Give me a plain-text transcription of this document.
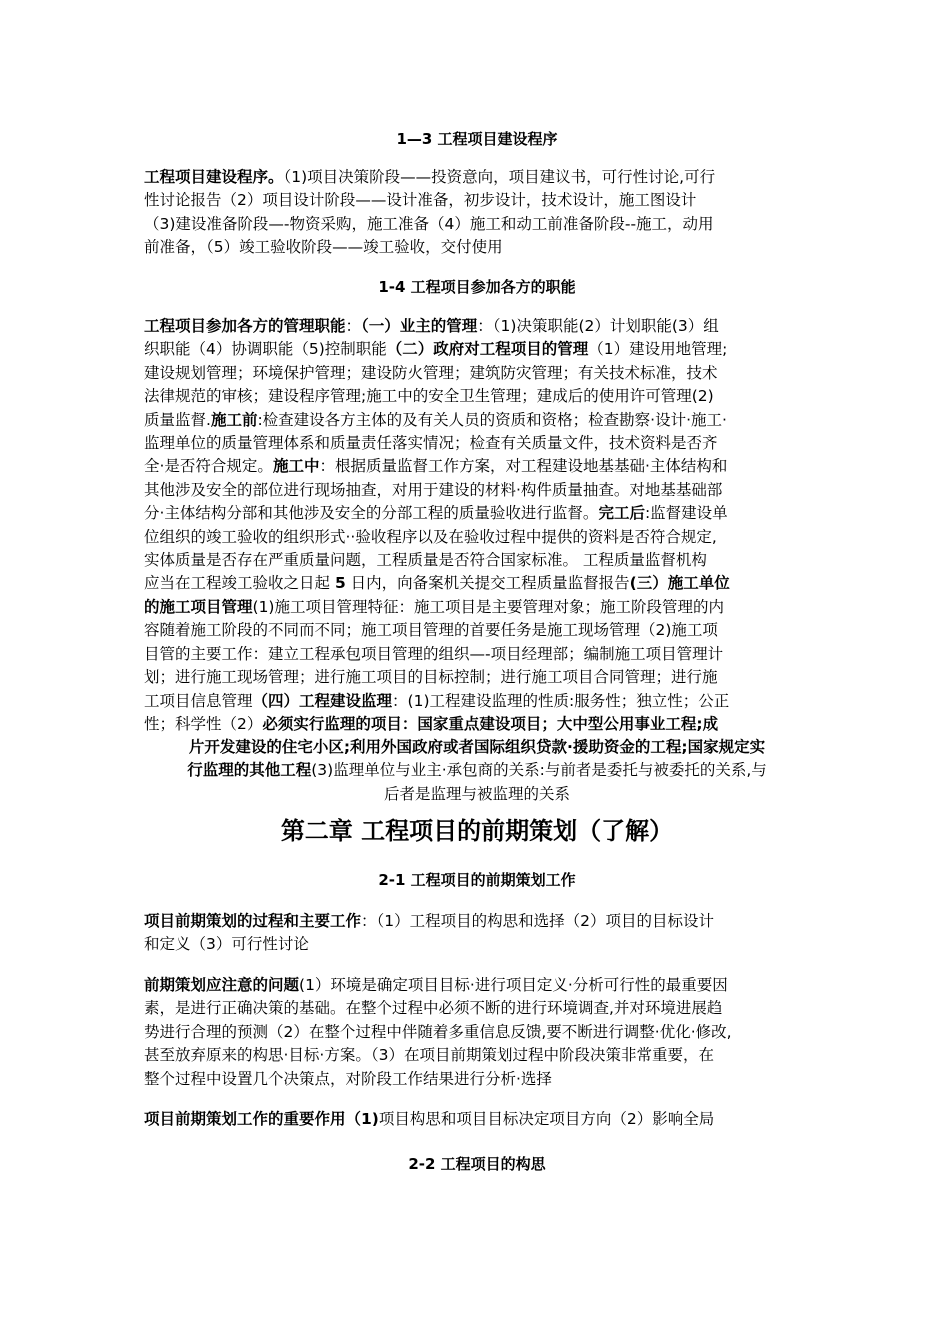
1—3 工程项目建设程序
工程项目建设程序。（1)项目决策阶段——投资意向，项目建议书，可行性讨论,可行
性讨论报告（2）项目设计阶段——设计准备，初步设计，技术设计，施工图设计
（3)建设准备阶段—-物资采购，施工准备（4）施工和动工前准备阶段--施工，动用
前准备，（5）竣工验收阶段——竣工验收，交付使用
1-4 工程项目参加各方的职能
工程项目参加各方的管理职能：（一）业主的管理：（1)决策职能(2）计划职能(3）组
织职能（4）协调职能（5)控制职能（二）政府对工程项目的管理（1）建设用地管理;
建设规划管理；环境保护管理；建设防火管理；建筑防灾管理；有关技术标准，技术
法律规范的审核；建设程序管理;施工中的安全卫生管理；建成后的使用许可管理(2)
质量监督.施工前:检查建设各方主体的及有关人员的资质和资格；检查勘察·设计·施工·
监理单位的质量管理体系和质量责任落实情况；检查有关质量文件，技术资料是否齐
全·是否符合规定。施工中：根据质量监督工作方案，对工程建设地基基础·主体结构和
其他涉及安全的部位进行现场抽查，对用于建设的材料·构件质量抽查。对地基基础部
分·主体结构分部和其他涉及安全的分部工程的质量验收进行监督。完工后:监督建设单
位组织的竣工验收的组织形式··验收程序以及在验收过程中提供的资料是否符合规定,
实体质量是否存在严重质量问题，工程质量是否符合国家标准。 工程质量监督机构
应当在工程竣工验收之日起 5 日内，向备案机关提交工程质量监督报告(三）施工单位
的施工项目管理(1)施工项目管理特征：施工项目是主要管理对象；施工阶段管理的内
容随着施工阶段的不同而不同；施工项目管理的首要任务是施工现场管理（2)施工项
目管的主要工作：建立工程承包项目管理的组织—-项目经理部；编制施工项目管理计
划；进行施工现场管理；进行施工项目的目标控制；进行施工项目合同管理；进行施
工项目信息管理（四）工程建设监理：(1)工程建设监理的性质:服务性；独立性；公正
性；科学性（2）必须实行监理的项目：国家重点建设项目；大中型公用事业工程;成
片开发建设的住宅小区;利用外国政府或者国际组织贷款·援助资金的工程;国家规定实
行监理的其他工程(3)监理单位与业主·承包商的关系:与前者是委托与被委托的关系,与
后者是监理与被监理的关系
第二章 工程项目的前期策划（了解）
2-1 工程项目的前期策划工作
项目前期策划的过程和主要工作：（1）工程项目的构思和选择（2）项目的目标设计
和定义（3）可行性讨论
前期策划应注意的问题(1）环境是确定项目目标·进行项目定义·分析可行性的最重要因
素，是进行正确决策的基础。在整个过程中必须不断的进行环境调查,并对环境进展趋
势进行合理的预测（2）在整个过程中伴随着多重信息反馈,要不断进行调整·优化·修改,
甚至放弃原来的构思·目标·方案。（3）在项目前期策划过程中阶段决策非常重要，在
整个过程中设置几个决策点，对阶段工作结果进行分析·选择
项目前期策划工作的重要作用（1)项目构思和项目目标决定项目方向（2）影响全局
2-2 工程项目的构思
